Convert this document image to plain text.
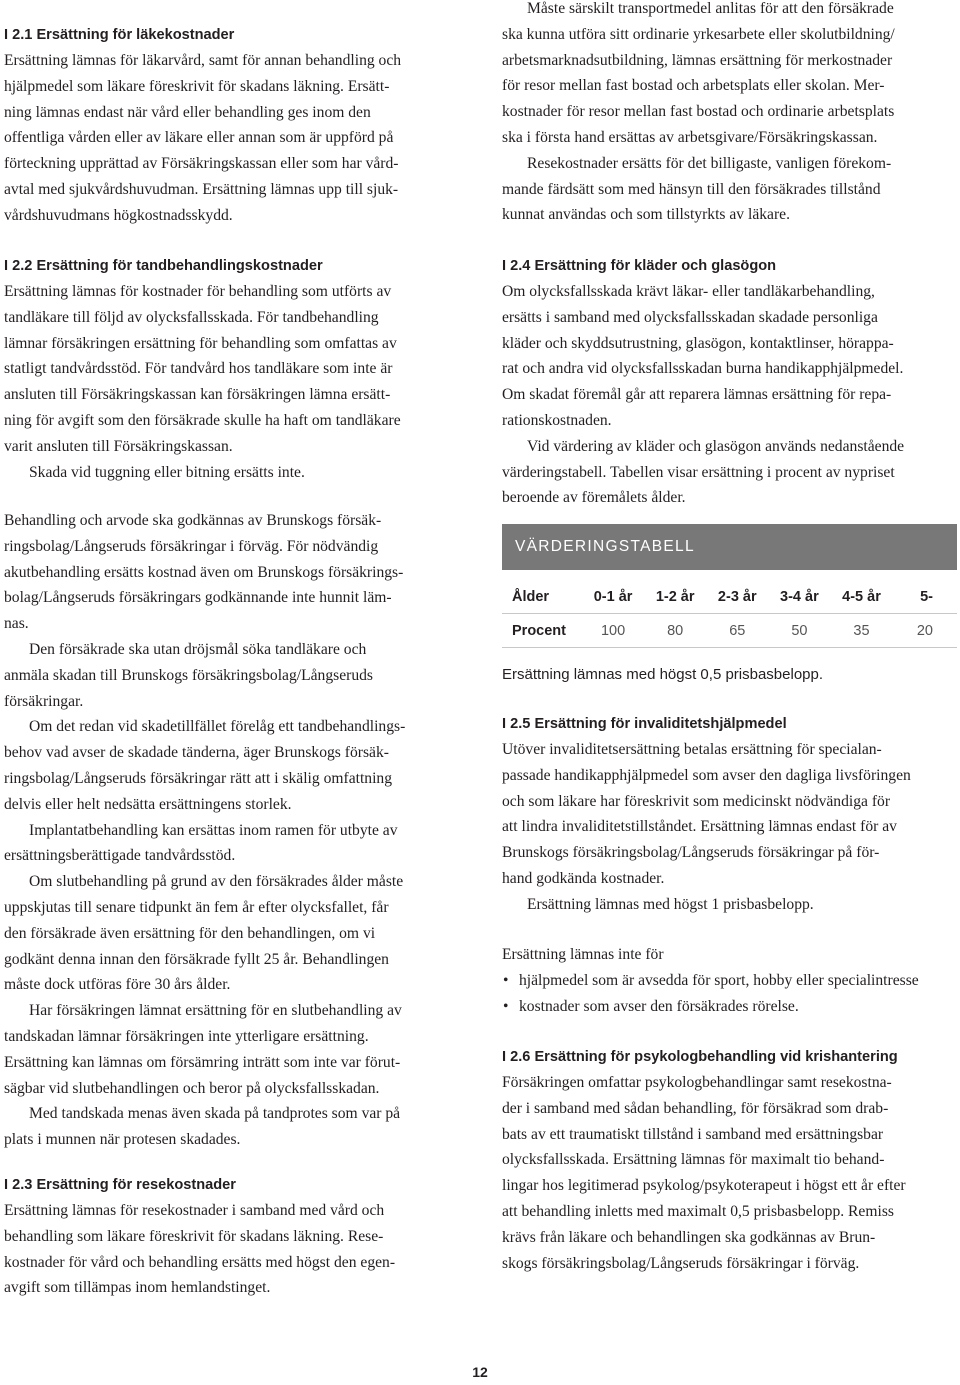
I 2.1 Ersättning för läkekostnader

Ersättning lämnas för läkarvård, samt för annan behandling och
hjälpmedel som läkare föreskrivit för skadans läkning. Ersätt-
ning lämnas endast när vård eller behandling ges inom den
offentliga vården eller av läkare eller annan som är uppförd på
förteckning upprättad av Försäkringskassan eller som har vård-
avtal med sjukvårdshuvudman. Ersättning lämnas upp till sjuk-
vårdshuvudmans högkostnadsskydd.

I 2.2 Ersättning för tandbehandlingskostnader

Ersättning lämnas för kostnader för behandling som utförts av
tandläkare till följd av olycksfallsskada. För tandbehandling
lämnar försäkringen ersättning för behandling som omfattas av
statligt tandvårdsstöd. För tandvård hos tandläkare som inte är
ansluten till Försäkringskassan kan försäkringen lämna ersätt-
ning för avgift som den försäkrade skulle ha haft om tandläkare
varit ansluten till Försäkringskassan.

Skada vid tuggning eller bitning ersätts inte.

Behandling och arvode ska godkännas av Brunskogs försäk-
ringsbolag/Långseruds försäkringar i förväg. För nödvändig
akutbehandling ersätts kostnad även om Brunskogs försäkrings-
bolag/Långseruds försäkringars godkännande inte hunnit läm-
nas.

Den försäkrade ska utan dröjsmål söka tandläkare och
anmäla skadan till Brunskogs försäkringsbolag/Långseruds
försäkringar.

Om det redan vid skadetillfället förelåg ett tandbehandlings-
behov vad avser de skadade tänderna, äger Brunskogs försäk-
ringsbolag/Långseruds försäkringar rätt att i skälig omfattning
delvis eller helt nedsätta ersättningens storlek.

Implantatbehandling kan ersättas inom ramen för utbyte av
ersättningsberättigade tandvårdsstöd.

Om slutbehandling på grund av den försäkrades ålder måste
uppskjutas till senare tidpunkt än fem år efter olycksfallet, får
den försäkrade även ersättning för den behandlingen, om vi
godkänt denna innan den försäkrade fyllt 25 år. Behandlingen
måste dock utföras före 30 års ålder.

Har försäkringen lämnat ersättning för en slutbehandling av
tandskadan lämnar försäkringen inte ytterligare ersättning.
Ersättning kan lämnas om försämring inträtt som inte var förut-
sägbar vid slutbehandlingen och beror på olycksfallsskadan.

Med tandskada menas även skada på tandprotes som var på
plats i munnen när protesen skadades.

I 2.3 Ersättning för resekostnader

Ersättning lämnas för resekostnader i samband med vård och
behandling som läkare föreskrivit för skadans läkning. Rese-
kostnader för vård och behandling ersätts med högst den egen-
avgift som tillämpas inom hemlandstinget.

Måste särskilt transportmedel anlitas för att den försäkrade
ska kunna utföra sitt ordinarie yrkesarbete eller skolutbildning/
arbetsmarknadsutbildning, lämnas ersättning för merkostnader
för resor mellan fast bostad och arbetsplats eller skolan. Mer-
kostnader för resor mellan fast bostad och ordinarie arbetsplats
ska i första hand ersättas av arbetsgivare/Försäkringskassan.

Resekostnader ersätts för det billigaste, vanligen förekom-
mande färdsätt som med hänsyn till den försäkrades tillstånd
kunnat användas och som tillstyrkts av läkare.

I 2.4 Ersättning för kläder och glasögon

Om olycksfallsskada krävt läkar- eller tandläkarbehandling,
ersätts i samband med olycksfallsskadan skadade personliga
kläder och skyddsutrustning, glasögon, kontaktlinser, hörappa-
rat och andra vid olycksfallsskadan burna handikapphjälpmedel.
Om skadat föremål går att reparera lämnas ersättning för repa-
rationskostnaden.

Vid värdering av kläder och glasögon används nedanstående
värderingstabell. Tabellen visar ersättning i procent av nypriset
beroende av föremålets ålder.

VÄRDERINGSTABELL
Ålder	0-1 år	1-2 år	2-3 år	3-4 år	4-5 år	5-
Procent	100	80	65	50	35	20
Ersättning lämnas med högst 0,5 prisbasbelopp.
I 2.5 Ersättning för invaliditetshjälpmedel

Utöver invaliditetsersättning betalas ersättning för specialan-
passade handikapphjälpmedel som avser den dagliga livsföringen
och som läkare har föreskrivit som medicinskt nödvändiga för
att lindra invaliditetstillståndet. Ersättning lämnas endast för av
Brunskogs försäkringsbolag/Långseruds försäkringar på för-
hand godkända kostnader.

Ersättning lämnas med högst 1 prisbasbelopp.

Ersättning lämnas inte för

• hjälpmedel som är avsedda för sport, hobby eller specialintresse
• kostnader som avser den försäkrades rörelse.
I 2.6 Ersättning för psykologbehandling vid krishantering

Försäkringen omfattar psykologbehandlingar samt resekostna-
der i samband med sådan behandling, för försäkrad som drab-
bats av ett traumatiskt tillstånd i samband med ersättningsbar
olycksfallsskada. Ersättning lämnas för maximalt tio behand-
lingar hos legitimerad psykolog/psykoterapeut i högst ett år efter
att behandling inletts med maximalt 0,5 prisbasbelopp. Remiss
krävs från läkare och behandlingen ska godkännas av Brun-
skogs försäkringsbolag/Långseruds försäkringar i förväg.

12
